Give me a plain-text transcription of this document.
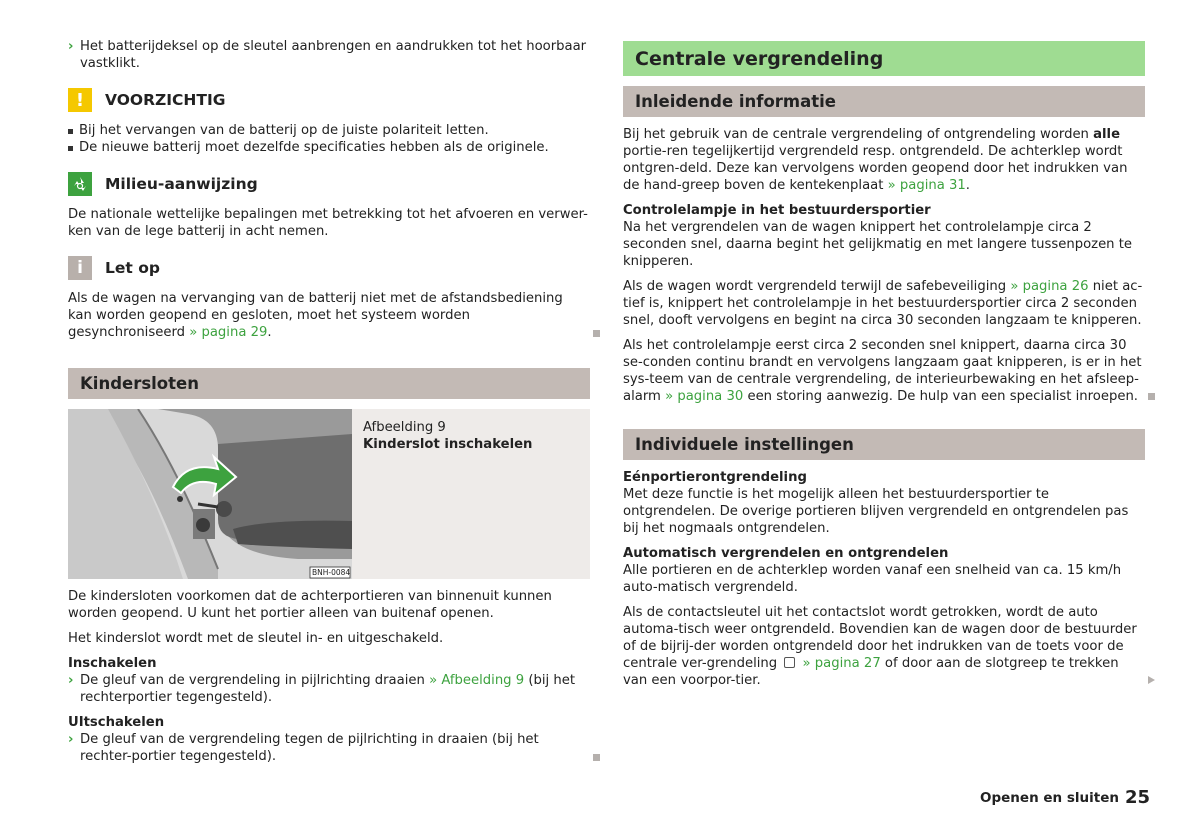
› Het batterijdeksel op de sleutel aanbrengen en aandrukken tot het hoorbaar vastklikt.
!	VOORZICHTIG
Bij het vervangen van de batterij op de juiste polariteit letten.
De nieuwe batterij moet dezelfde specificaties hebben als de originele.
Milieu-aanwijzing

De nationale wettelijke bepalingen met betrekking tot het afvoeren en verwer-ken van de lege batterij in acht nemen.

i	Let op

Als de wagen na vervanging van de batterij niet met de afstandsbediening kan worden geopend en gesloten, moet het systeem worden gesynchroniseerd » pagina 29.

Kindersloten
BNH-0084
Afbeelding 9
Kinderslot inschakelen

De kindersloten voorkomen dat de achterportieren van binnenuit kunnen worden geopend. U kunt het portier alleen van buitenaf openen.

Het kinderslot wordt met de sleutel in- en uitgeschakeld.

Inschakelen
› De gleuf van de vergrendeling in pijlrichting draaien » Afbeelding 9 (bij het rechterportier tegengesteld).
UItschakelen
› De gleuf van de vergrendeling tegen de pijlrichting in draaien (bij het rechter-portier tegengesteld).
Centrale vergrendeling
Inleidende informatie

Bij het gebruik van de centrale vergrendeling of ontgrendeling worden alle portie-ren tegelijkertijd vergrendeld resp. ontgrendeld. De achterklep wordt ontgren-deld. Deze kan vervolgens worden geopend door het indrukken van de hand-greep boven de kentekenplaat » pagina 31.

Controlelampje in het bestuurdersportier

Na het vergrendelen van de wagen knippert het controlelampje circa 2 seconden snel, daarna begint het gelijkmatig en met langere tussenpozen te knipperen.

Als de wagen wordt vergrendeld terwijl de safebeveiliging » pagina 26 niet ac-tief is, knippert het controlelampje in het bestuurdersportier circa 2 seconden snel, dooft vervolgens en begint na circa 30 seconden langzaam te knipperen.

Als het controlelampje eerst circa 2 seconden snel knippert, daarna circa 30 se-conden continu brandt en vervolgens langzaam gaat knipperen, is er in het sys-teem van de centrale vergrendeling, de interieurbewaking en het afsleep-alarm » pagina 30 een storing aanwezig. De hulp van een specialist inroepen.

Individuele instellingen
Eénportierontgrendeling

Met deze functie is het mogelijk alleen het bestuurdersportier te ontgrendelen. De overige portieren blijven vergrendeld en ontgrendelen pas bij het nogmaals ontgrendelen.

Automatisch vergrendelen en ontgrendelen

Alle portieren en de achterklep worden vanaf een snelheid van ca. 15 km/h auto-matisch vergrendeld.

Als de contactsleutel uit het contactslot wordt getrokken, wordt de auto automa-tisch weer ontgrendeld. Bovendien kan de wagen door de bestuurder of de bijrij-der worden ontgrendeld door het indrukken van de toets voor de centrale ver-grendeling » pagina 27 of door aan de slotgreep te trekken van een voorpor-tier.

Openen en sluiten 25
